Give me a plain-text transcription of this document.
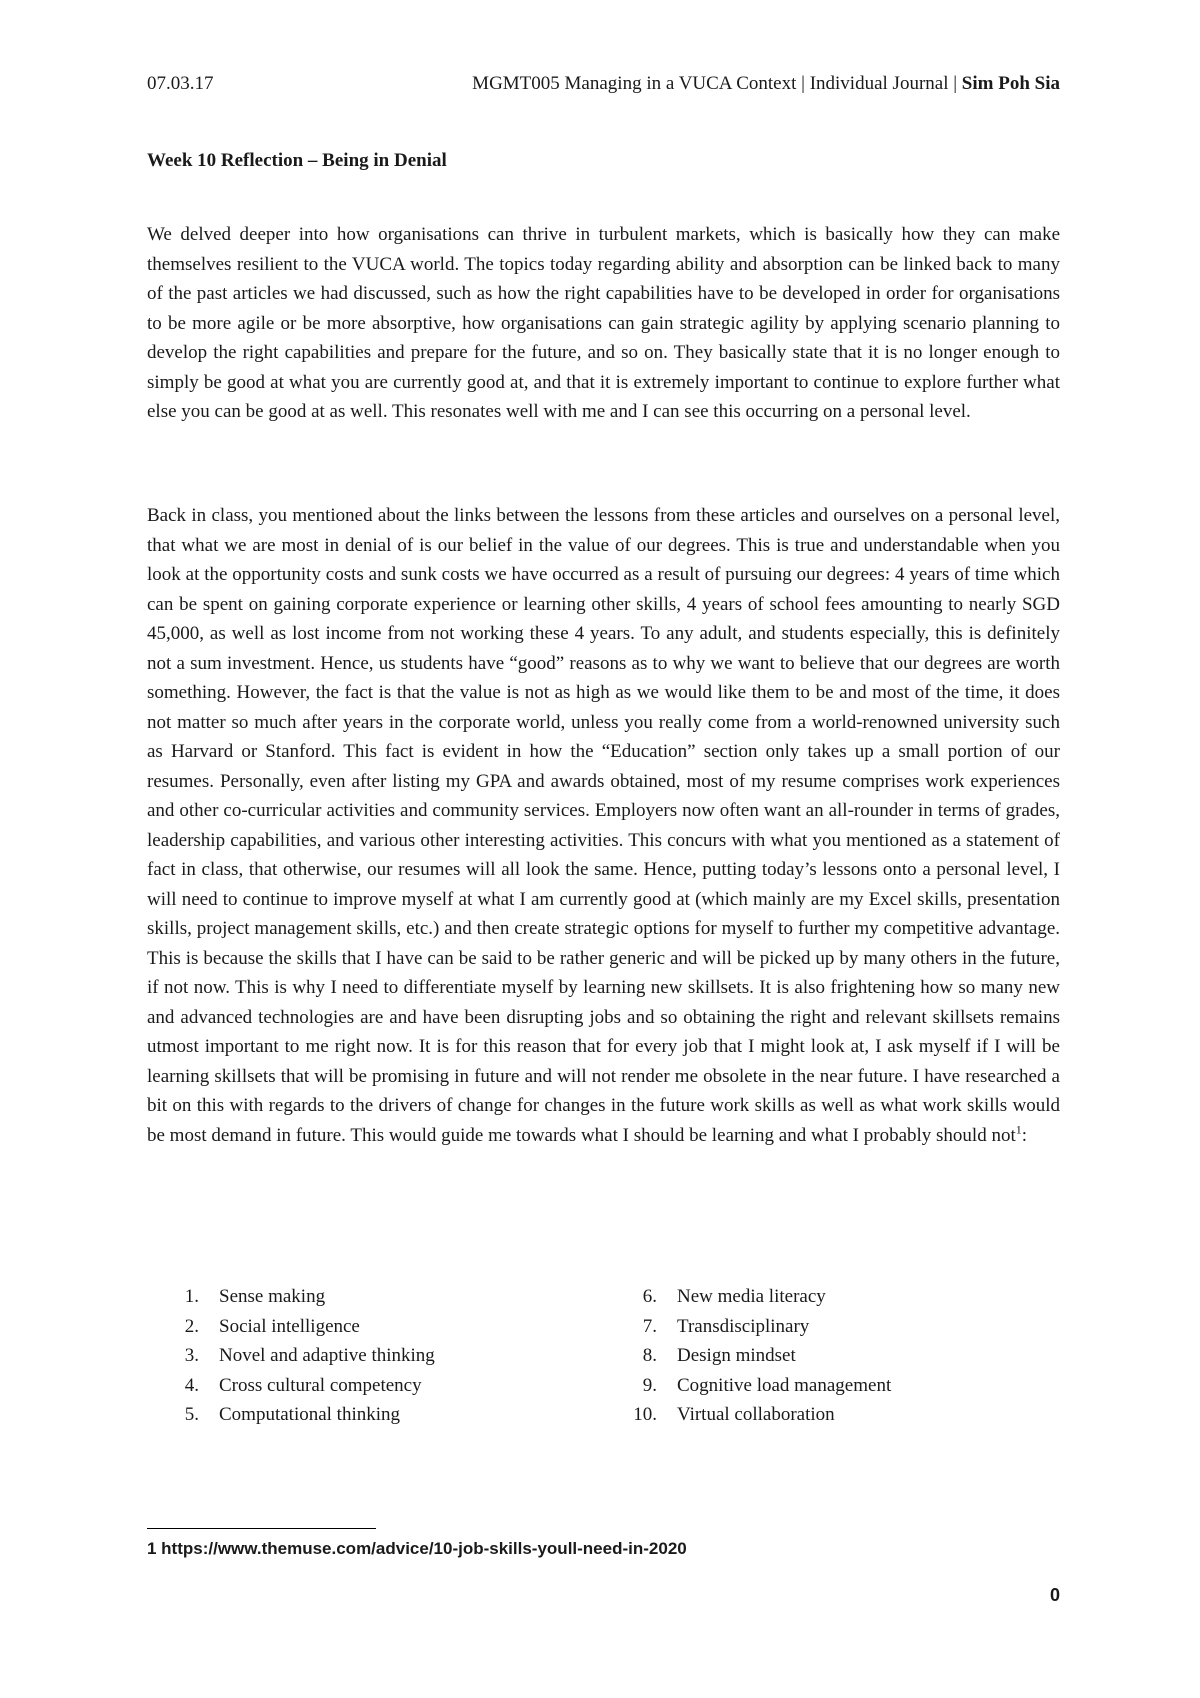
07.03.17	MGMT005 Managing in a VUCA Context | Individual Journal | Sim Poh Sia
Week 10 Reflection – Being in Denial

We delved deeper into how organisations can thrive in turbulent markets, which is basically how they can make themselves resilient to the VUCA world. The topics today regarding ability and absorption can be linked back to many of the past articles we had discussed, such as how the right capabilities have to be developed in order for organisations to be more agile or be more absorptive, how organisations can gain strategic agility by applying scenario planning to develop the right capabilities and prepare for the future, and so on. They basically state that it is no longer enough to simply be good at what you are currently good at, and that it is extremely important to continue to explore further what else you can be good at as well. This resonates well with me and I can see this occurring on a personal level.

Back in class, you mentioned about the links between the lessons from these articles and ourselves on a personal level, that what we are most in denial of is our belief in the value of our degrees. This is true and understandable when you look at the opportunity costs and sunk costs we have occurred as a result of pursuing our degrees: 4 years of time which can be spent on gaining corporate experience or learning other skills, 4 years of school fees amounting to nearly SGD 45,000, as well as lost income from not working these 4 years. To any adult, and students especially, this is definitely not a sum investment. Hence, us students have “good” reasons as to why we want to believe that our degrees are worth something. However, the fact is that the value is not as high as we would like them to be and most of the time, it does not matter so much after years in the corporate world, unless you really come from a world-renowned university such as Harvard or Stanford. This fact is evident in how the “Education” section only takes up a small portion of our resumes. Personally, even after listing my GPA and awards obtained, most of my resume comprises work experiences and other co-curricular activities and community services. Employers now often want an all-rounder in terms of grades, leadership capabilities, and various other interesting activities. This concurs with what you mentioned as a statement of fact in class, that otherwise, our resumes will all look the same. Hence, putting today’s lessons onto a personal level, I will need to continue to improve myself at what I am currently good at (which mainly are my Excel skills, presentation skills, project management skills, etc.) and then create strategic options for myself to further my competitive advantage. This is because the skills that I have can be said to be rather generic and will be picked up by many others in the future, if not now. This is why I need to differentiate myself by learning new skillsets. It is also frightening how so many new and advanced technologies are and have been disrupting jobs and so obtaining the right and relevant skillsets remains utmost important to me right now. It is for this reason that for every job that I might look at, I ask myself if I will be learning skillsets that will be promising in future and will not render me obsolete in the near future. I have researched a bit on this with regards to the drivers of change for changes in the future work skills as well as what work skills would be most demand in future. This would guide me towards what I should be learning and what I probably should not$^1$:

1. Sense making
2. Social intelligence
3. Novel and adaptive thinking
4. Cross cultural competency
5. Computational thinking
6. New media literacy
7. Transdisciplinary
8. Design mindset
9. Cognitive load management
10. Virtual collaboration
1 https://www.themuse.com/advice/10-job-skills-youll-need-in-2020
0
